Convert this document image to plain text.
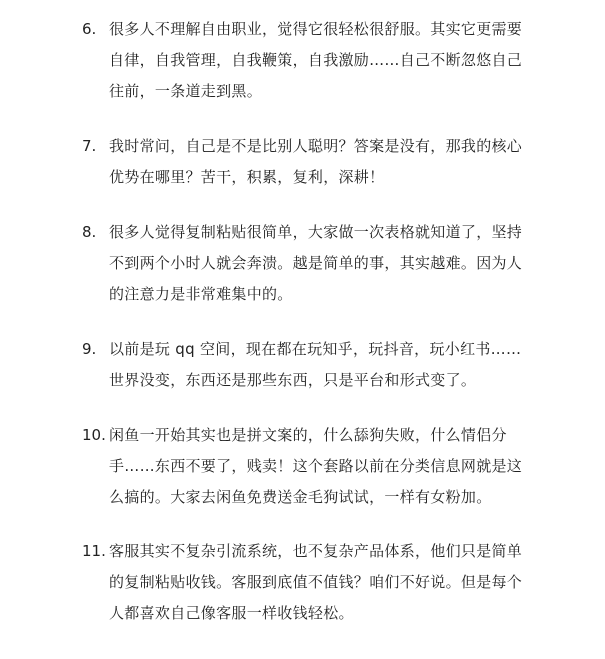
6. 很多人不理解自由职业，觉得它很轻松很舒服。其实它更需要
自律，自我管理，自我鞭策，自我激励……自己不断忽悠自己
往前，一条道走到黑。
7. 我时常问，自己是不是比别人聪明？答案是没有，那我的核心
优势在哪里？苦干，积累，复利，深耕！
8. 很多人觉得复制粘贴很简单，大家做一次表格就知道了，坚持
不到两个小时人就会奔溃。越是简单的事，其实越难。因为人
的注意力是非常难集中的。
9. 以前是玩 qq 空间，现在都在玩知乎，玩抖音，玩小红书……
世界没变，东西还是那些东西，只是平台和形式变了。
10. 闲鱼一开始其实也是拼文案的，什么舔狗失败，什么情侣分
手……东西不要了，贱卖！这个套路以前在分类信息网就是这
么搞的。大家去闲鱼免费送金毛狗试试，一样有女粉加。
11. 客服其实不复杂引流系统，也不复杂产品体系，他们只是简单
的复制粘贴收钱。客服到底值不值钱？咱们不好说。但是每个
人都喜欢自己像客服一样收钱轻松。
